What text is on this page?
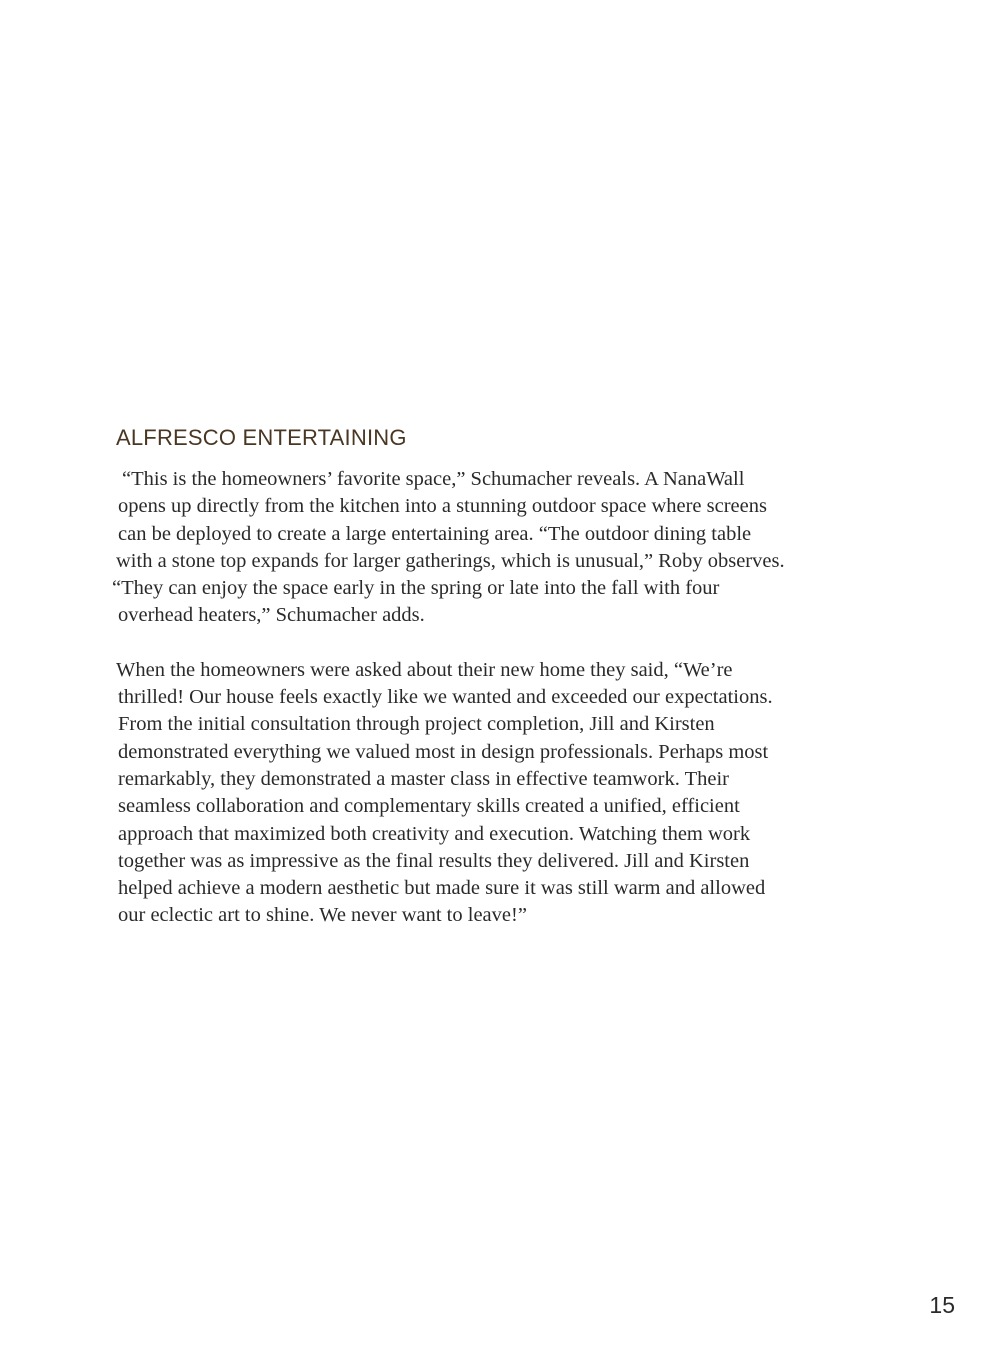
ALFRESCO ENTERTAINING

“This is the homeowners’ favorite space,” Schumacher reveals. A NanaWall
opens up directly from the kitchen into a stunning outdoor space where screens
can be deployed to create a large entertaining area. “The outdoor dining table
with a stone top expands for larger gatherings, which is unusual,” Roby observes.
“They can enjoy the space early in the spring or late into the fall with four
overhead heaters,” Schumacher adds.

When the homeowners were asked about their new home they said, “We’re
thrilled! Our house feels exactly like we wanted and exceeded our expectations.
From the initial consultation through project completion, Jill and Kirsten
demonstrated everything we valued most in design professionals. Perhaps most
remarkably, they demonstrated a master class in effective teamwork. Their
seamless collaboration and complementary skills created a unified, efficient
approach that maximized both creativity and execution. Watching them work
together was as impressive as the final results they delivered. Jill and Kirsten
helped achieve a modern aesthetic but made sure it was still warm and allowed
our eclectic art to shine. We never want to leave!”

15
